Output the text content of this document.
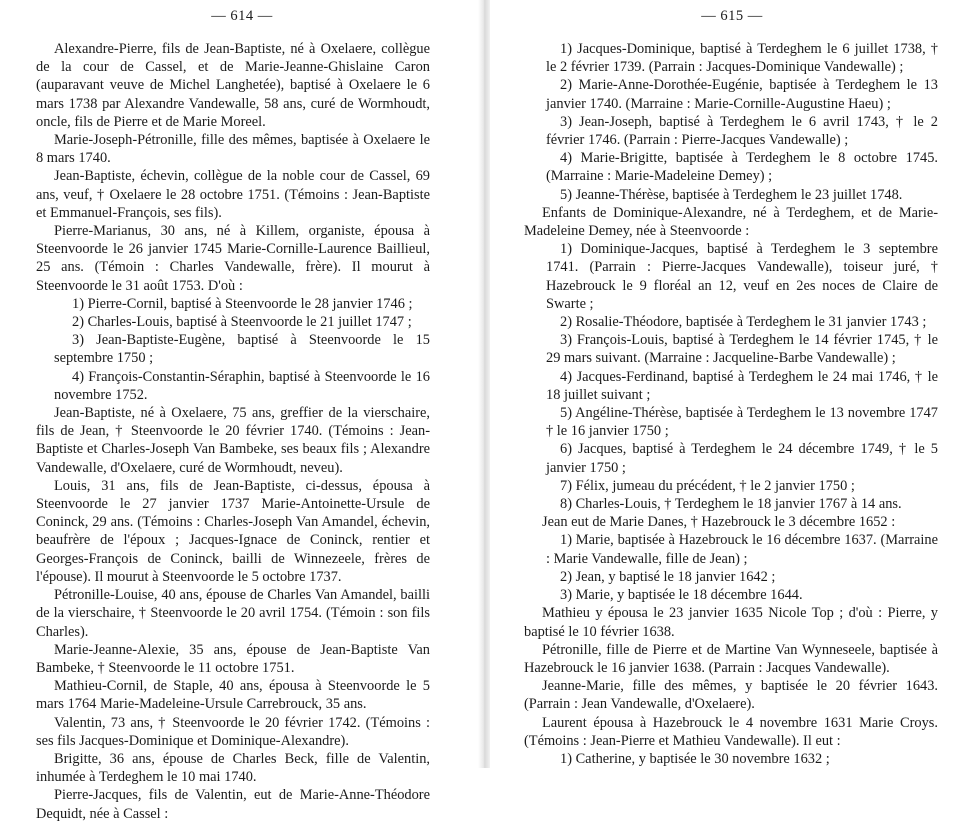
— 614 —

Alexandre-Pierre, fils de Jean-Baptiste, né à Oxelaere, collègue de la cour de Cassel, et de Marie-Jeanne-Ghislaine Caron (auparavant veuve de Michel Langhetée), baptisé à Oxelaere le 6 mars 1738 par Alexandre Vandewalle, 58 ans, curé de Wormhoudt, oncle, fils de Pierre et de Marie Moreel.

Marie-Joseph-Pétronille, fille des mêmes, baptisée à Oxelaere le 8 mars 1740.

Jean-Baptiste, échevin, collègue de la noble cour de Cassel, 69 ans, veuf, † Oxelaere le 28 octobre 1751. (Témoins : Jean-Baptiste et Emmanuel-François, ses fils).

Pierre-Marianus, 30 ans, né à Killem, organiste, épousa à Steenvoorde le 26 janvier 1745 Marie-Cornille-Laurence Baillieul, 25 ans. (Témoin : Charles Vandewalle, frère). Il mourut à Steenvoorde le 31 août 1753. D'où :

1) Pierre-Cornil, baptisé à Steenvoorde le 28 janvier 1746 ;

2) Charles-Louis, baptisé à Steenvoorde le 21 juillet 1747 ;

3) Jean-Baptiste-Eugène, baptisé à Steenvoorde le 15 septembre 1750 ;

4) François-Constantin-Séraphin, baptisé à Steenvoorde le 16 novembre 1752.

Jean-Baptiste, né à Oxelaere, 75 ans, greffier de la vierschaire, fils de Jean, † Steenvoorde le 20 février 1740. (Témoins : Jean-Baptiste et Charles-Joseph Van Bambeke, ses beaux fils ; Alexandre Vandewalle, d'Oxelaere, curé de Wormhoudt, neveu).

Louis, 31 ans, fils de Jean-Baptiste, ci-dessus, épousa à Steenvoorde le 27 janvier 1737 Marie-Antoinette-Ursule de Coninck, 29 ans. (Témoins : Charles-Joseph Van Amandel, échevin, beaufrère de l'époux ; Jacques-Ignace de Coninck, rentier et Georges-François de Coninck, bailli de Winnezeele, frères de l'épouse). Il mourut à Steenvoorde le 5 octobre 1737.

Pétronille-Louise, 40 ans, épouse de Charles Van Amandel, bailli de la vierschaire, † Steenvoorde le 20 avril 1754. (Témoin : son fils Charles).

Marie-Jeanne-Alexie, 35 ans, épouse de Jean-Baptiste Van Bambeke, † Steenvoorde le 11 octobre 1751.

Mathieu-Cornil, de Staple, 40 ans, épousa à Steenvoorde le 5 mars 1764 Marie-Madeleine-Ursule Carrebrouck, 35 ans.

Valentin, 73 ans, † Steenvoorde le 20 février 1742. (Témoins : ses fils Jacques-Dominique et Dominique-Alexandre).

Brigitte, 36 ans, épouse de Charles Beck, fille de Valentin, inhumée à Terdeghem le 10 mai 1740.

Pierre-Jacques, fils de Valentin, eut de Marie-Anne-Théodore Dequidt, née à Cassel :

— 615 —

1) Jacques-Dominique, baptisé à Terdeghem le 6 juillet 1738, † le 2 février 1739. (Parrain : Jacques-Dominique Vandewalle) ;

2) Marie-Anne-Dorothée-Eugénie, baptisée à Terdeghem le 13 janvier 1740. (Marraine : Marie-Cornille-Augustine Haeu) ;

3) Jean-Joseph, baptisé à Terdeghem le 6 avril 1743, † le 2 février 1746. (Parrain : Pierre-Jacques Vandewalle) ;

4) Marie-Brigitte, baptisée à Terdeghem le 8 octobre 1745. (Marraine : Marie-Madeleine Demey) ;

5) Jeanne-Thérèse, baptisée à Terdeghem le 23 juillet 1748.

Enfants de Dominique-Alexandre, né à Terdeghem, et de Marie-Madeleine Demey, née à Steenvoorde :

1) Dominique-Jacques, baptisé à Terdeghem le 3 septembre 1741. (Parrain : Pierre-Jacques Vandewalle), toiseur juré, † Hazebrouck le 9 floréal an 12, veuf en 2es noces de Claire de Swarte ;

2) Rosalie-Théodore, baptisée à Terdeghem le 31 janvier 1743 ;

3) François-Louis, baptisé à Terdeghem le 14 février 1745, † le 29 mars suivant. (Marraine : Jacqueline-Barbe Vandewalle) ;

4) Jacques-Ferdinand, baptisé à Terdeghem le 24 mai 1746, † le 18 juillet suivant ;

5) Angéline-Thérèse, baptisée à Terdeghem le 13 novembre 1747 † le 16 janvier 1750 ;

6) Jacques, baptisé à Terdeghem le 24 décembre 1749, † le 5 janvier 1750 ;

7) Félix, jumeau du précédent, † le 2 janvier 1750 ;

8) Charles-Louis, † Terdeghem le 18 janvier 1767 à 14 ans.

Jean eut de Marie Danes, † Hazebrouck le 3 décembre 1652 :

1) Marie, baptisée à Hazebrouck le 16 décembre 1637. (Marraine : Marie Vandewalle, fille de Jean) ;

2) Jean, y baptisé le 18 janvier 1642 ;

3) Marie, y baptisée le 18 décembre 1644.

Mathieu y épousa le 23 janvier 1635 Nicole Top ; d'où : Pierre, y baptisé le 10 février 1638.

Pétronille, fille de Pierre et de Martine Van Wynneseele, baptisée à Hazebrouck le 16 janvier 1638. (Parrain : Jacques Vandewalle).

Jeanne-Marie, fille des mêmes, y baptisée le 20 février 1643. (Parrain : Jean Vandewalle, d'Oxelaere).

Laurent épousa à Hazebrouck le 4 novembre 1631 Marie Croys. (Témoins : Jean-Pierre et Mathieu Vandewalle). Il eut :

1) Catherine, y baptisée le 30 novembre 1632 ;
